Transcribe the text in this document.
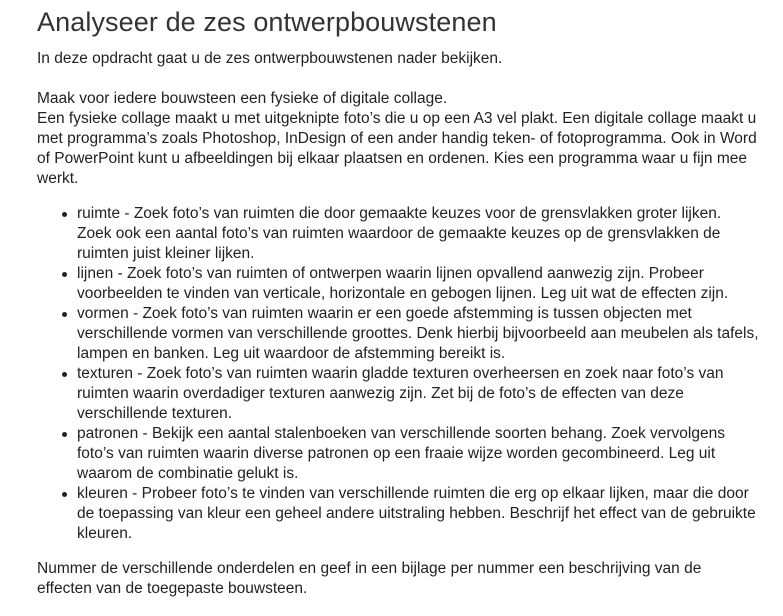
Analyseer de zes ontwerpbouwstenen

In deze opdracht gaat u de zes ontwerpbouwstenen nader bekijken.

Maak voor iedere bouwsteen een fysieke of digitale collage.
Een fysieke collage maakt u met uitgeknipte foto’s die u op een A3 vel plakt. Een digitale collage maakt u met programma’s zoals Photoshop, InDesign of een ander handig teken- of fotoprogramma. Ook in Word of PowerPoint kunt u afbeeldingen bij elkaar plaatsen en ordenen. Kies een programma waar u fijn mee werkt.

ruimte - Zoek foto’s van ruimten die door gemaakte keuzes voor de grensvlakken groter lijken. Zoek ook een aantal foto’s van ruimten waardoor de gemaakte keuzes op de grensvlakken de ruimten juist kleiner lijken.
lijnen - Zoek foto’s van ruimten of ontwerpen waarin lijnen opvallend aanwezig zijn. Probeer voorbeelden te vinden van verticale, horizontale en gebogen lijnen. Leg uit wat de effecten zijn.
vormen - Zoek foto’s van ruimten waarin er een goede afstemming is tussen objecten met verschillende vormen van verschillende groottes. Denk hierbij bijvoorbeeld aan meubelen als tafels, lampen en banken. Leg uit waardoor de afstemming bereikt is.
texturen - Zoek foto’s van ruimten waarin gladde texturen overheersen en zoek naar foto’s van ruimten waarin overdadiger texturen aanwezig zijn. Zet bij de foto’s de effecten van deze verschillende texturen.
patronen - Bekijk een aantal stalenboeken van verschillende soorten behang. Zoek vervolgens foto’s van ruimten waarin diverse patronen op een fraaie wijze worden gecombineerd. Leg uit waarom de combinatie gelukt is.
kleuren - Probeer foto’s te vinden van verschillende ruimten die erg op elkaar lijken, maar die door de toepassing van kleur een geheel andere uitstraling hebben. Beschrijf het effect van de gebruikte kleuren.

Nummer de verschillende onderdelen en geef in een bijlage per nummer een beschrijving van de effecten van de toegepaste bouwsteen.
